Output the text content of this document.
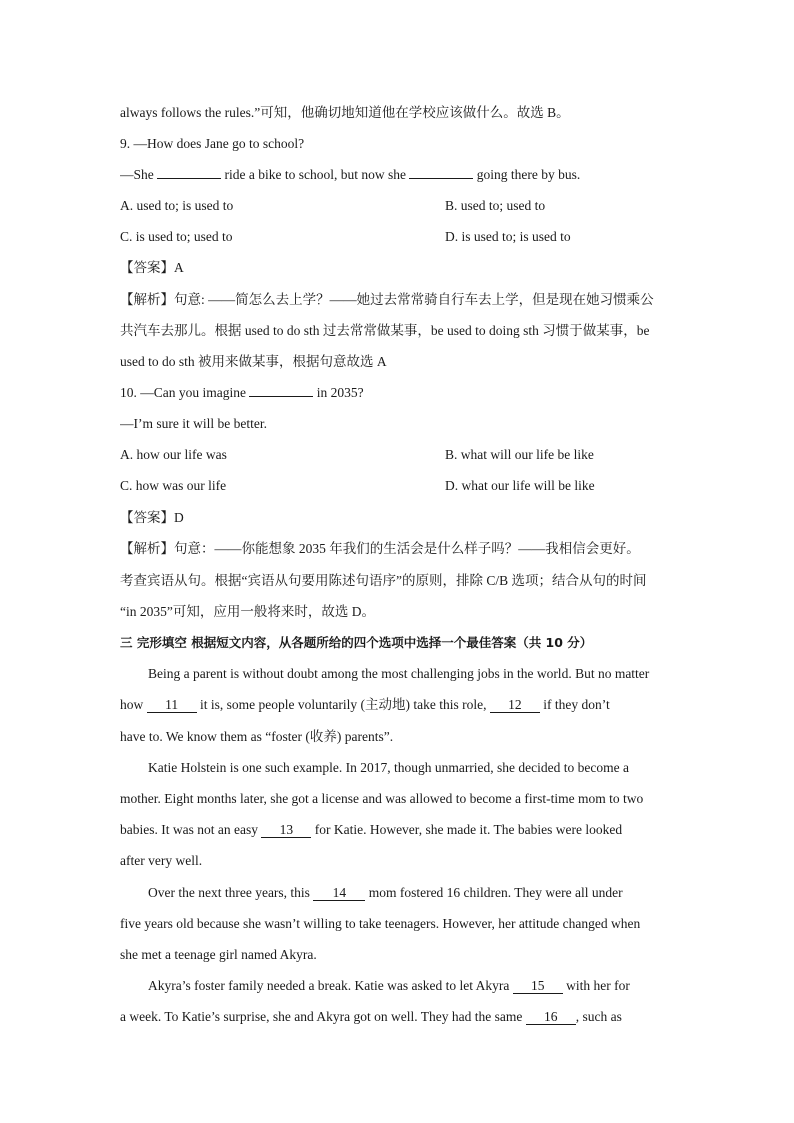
always follows the rules.”可知，他确切地知道他在学校应该做什么。故选 B。
9. —How does Jane go to school?
—She	ride a bike to school, but now she	going there by bus.
A. used to; is used to	B. used to; used to
C. is used to; used to	D. is used to; is used to
【答案】A
【解析】句意: ——简怎么去上学？——她过去常常骑自行车去上学，但是现在她习惯乘公
共汽车去那儿。根据 used to do sth 过去常常做某事，be used to doing sth 习惯于做某事，be
used to do sth 被用来做某事，根据句意故选 A
10. —Can you imagine	in 2035?
—I’m sure it will be better.
A. how our life was	B. what will our life be like
C. how was our life	D. what our life will be like
【答案】D
【解析】句意：——你能想象 2035 年我们的生活会是什么样子吗？——我相信会更好。
考查宾语从句。根据“宾语从句要用陈述句语序”的原则，排除 C/B 选项；结合从句的时间
“in 2035”可知，应用一般将来时，故选 D。
三 完形填空 根据短文内容，从各题所给的四个选项中选择一个最佳答案（共 10 分）
Being a parent is without doubt among the most challenging jobs in the world. But no matter
how 11 it is, some people voluntarily (主动地) take this role, 12 if they don’t
have to. We know them as “foster (收养) parents”.
Katie Holstein is one such example. In 2017, though unmarried, she decided to become a
mother. Eight months later, she got a license and was allowed to become a first-time mom to two
babies. It was not an easy 13 for Katie. However, she made it. The babies were looked
after very well.
Over the next three years, this 14 mom fostered 16 children. They were all under
five years old because she wasn’t willing to take teenagers. However, her attitude changed when
she met a teenage girl named Akyra.
Akyra’s foster family needed a break. Katie was asked to let Akyra 15 with her for
a week. To Katie’s surprise, she and Akyra got on well. They had the same 16 , such as
